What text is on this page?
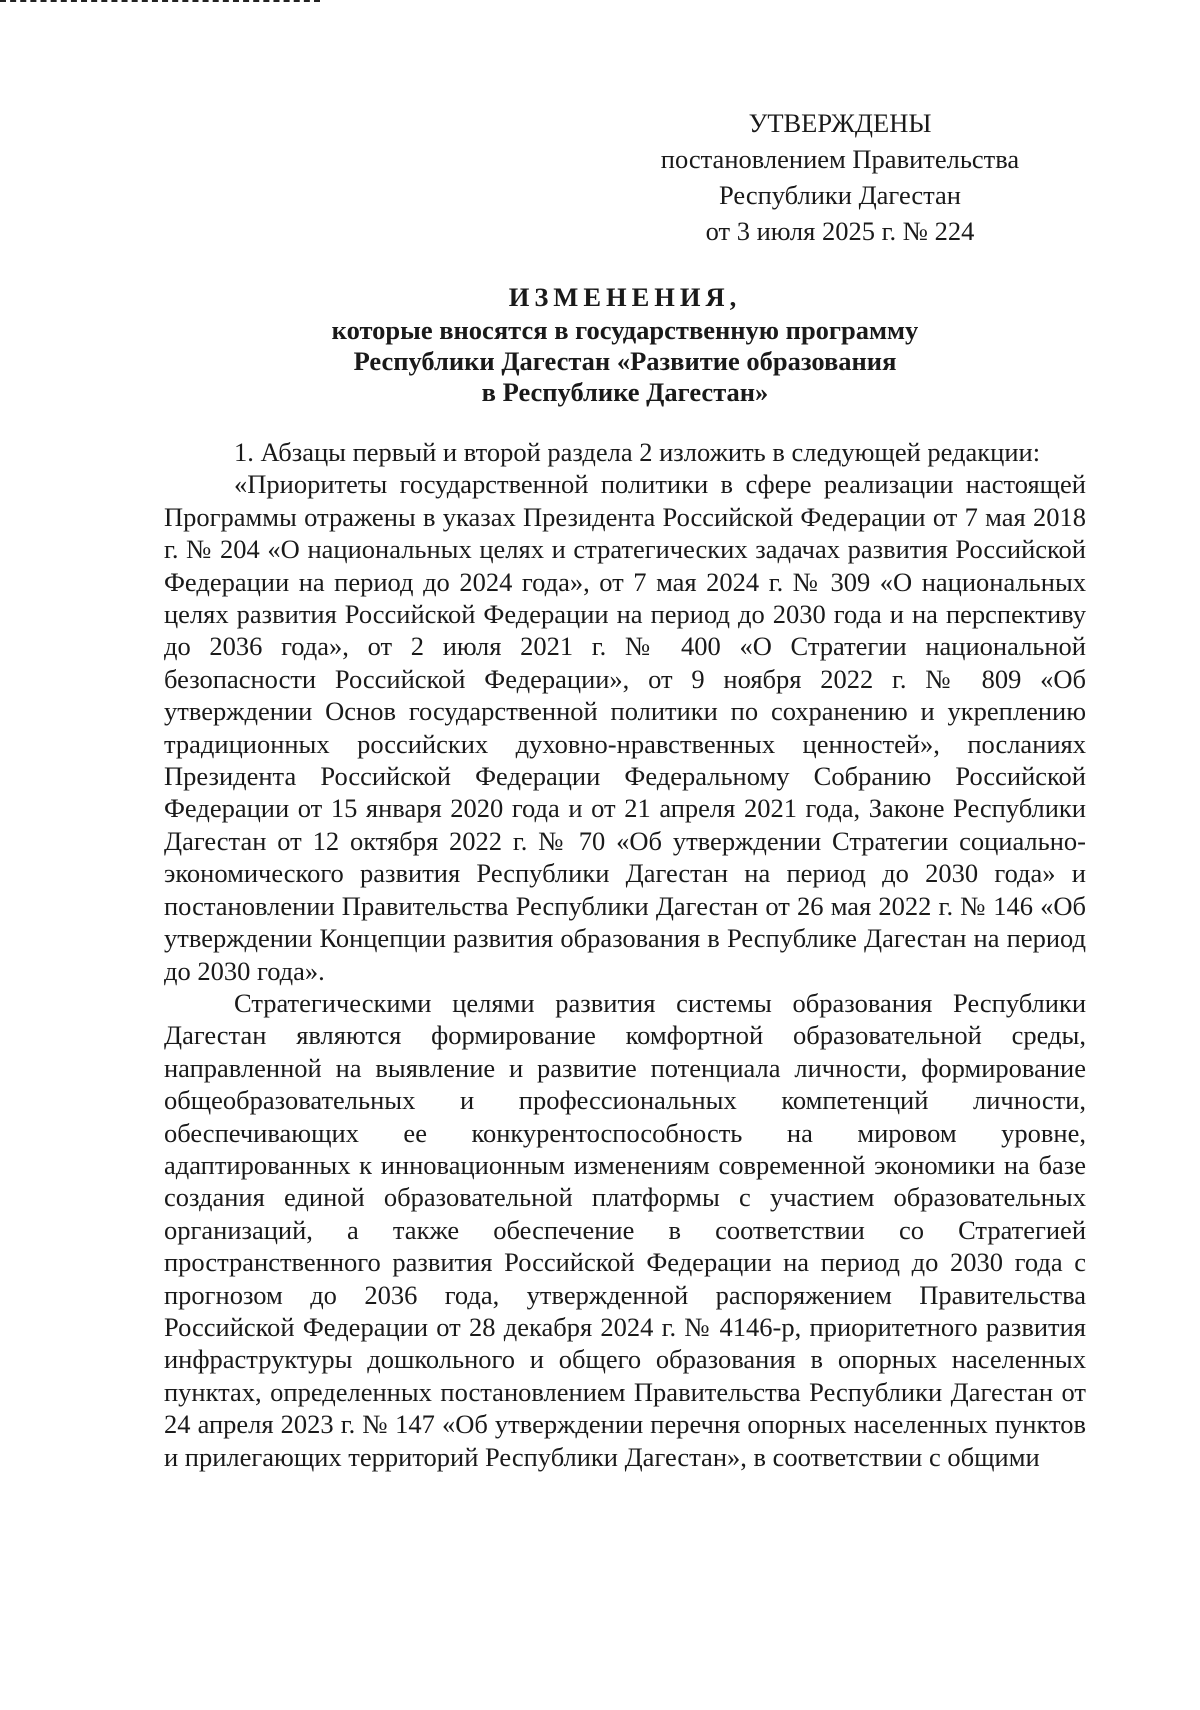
УТВЕРЖДЕНЫ
постановлением Правительства
Республики Дагестан
от 3 июля 2025 г. № 224
ИЗМЕНЕНИЯ,
которые вносятся в государственную программу
Республики Дагестан «Развитие образования
в Республике Дагестан»

1. Абзацы первый и второй раздела 2 изложить в следующей редакции:

«Приоритеты государственной политики в сфере реализации настоящей Программы отражены в указах Президента Российской Федерации от 7 мая 2018 г. № 204 «О национальных целях и стратегических задачах развития Российской Федерации на период до 2024 года», от 7 мая 2024 г. № 309 «О национальных целях развития Российской Федерации на период до 2030 года и на перспективу до 2036 года», от 2 июля 2021 г. № 400 «О Стратегии национальной безопасности Российской Федерации», от 9 ноября 2022 г. № 809 «Об утверждении Основ государственной политики по сохранению и укреплению традиционных российских духовно-нравственных ценностей», посланиях Президента Российской Федерации Федеральному Собранию Российской Федерации от 15 января 2020 года и от 21 апреля 2021 года, Законе Республики Дагестан от 12 октября 2022 г. № 70 «Об утверждении Стратегии социально-экономического развития Республики Дагестан на период до 2030 года» и постановлении Правительства Республики Дагестан от 26 мая 2022 г. № 146 «Об утверждении Концепции развития образования в Республике Дагестан на период до 2030 года».

Стратегическими целями развития системы образования Республики Дагестан являются формирование комфортной образовательной среды, направленной на выявление и развитие потенциала личности, формирование общеобразовательных и профессиональных компетенций личности, обеспечивающих ее конкурентоспособность на мировом уровне, адаптированных к инновационным изменениям современной экономики на базе создания единой образовательной платформы с участием образовательных организаций, а также обеспечение в соответствии со Стратегией пространственного развития Российской Федерации на период до 2030 года с прогнозом до 2036 года, утвержденной распоряжением Правительства Российской Федерации от 28 декабря 2024 г. № 4146-р, приоритетного развития инфраструктуры дошкольного и общего образования в опорных населенных пунктах, определенных постановлением Правительства Республики Дагестан от 24 апреля 2023 г. № 147 «Об утверждении перечня опорных населенных пунктов и прилегающих территорий Республики Дагестан», в соответствии с общими
